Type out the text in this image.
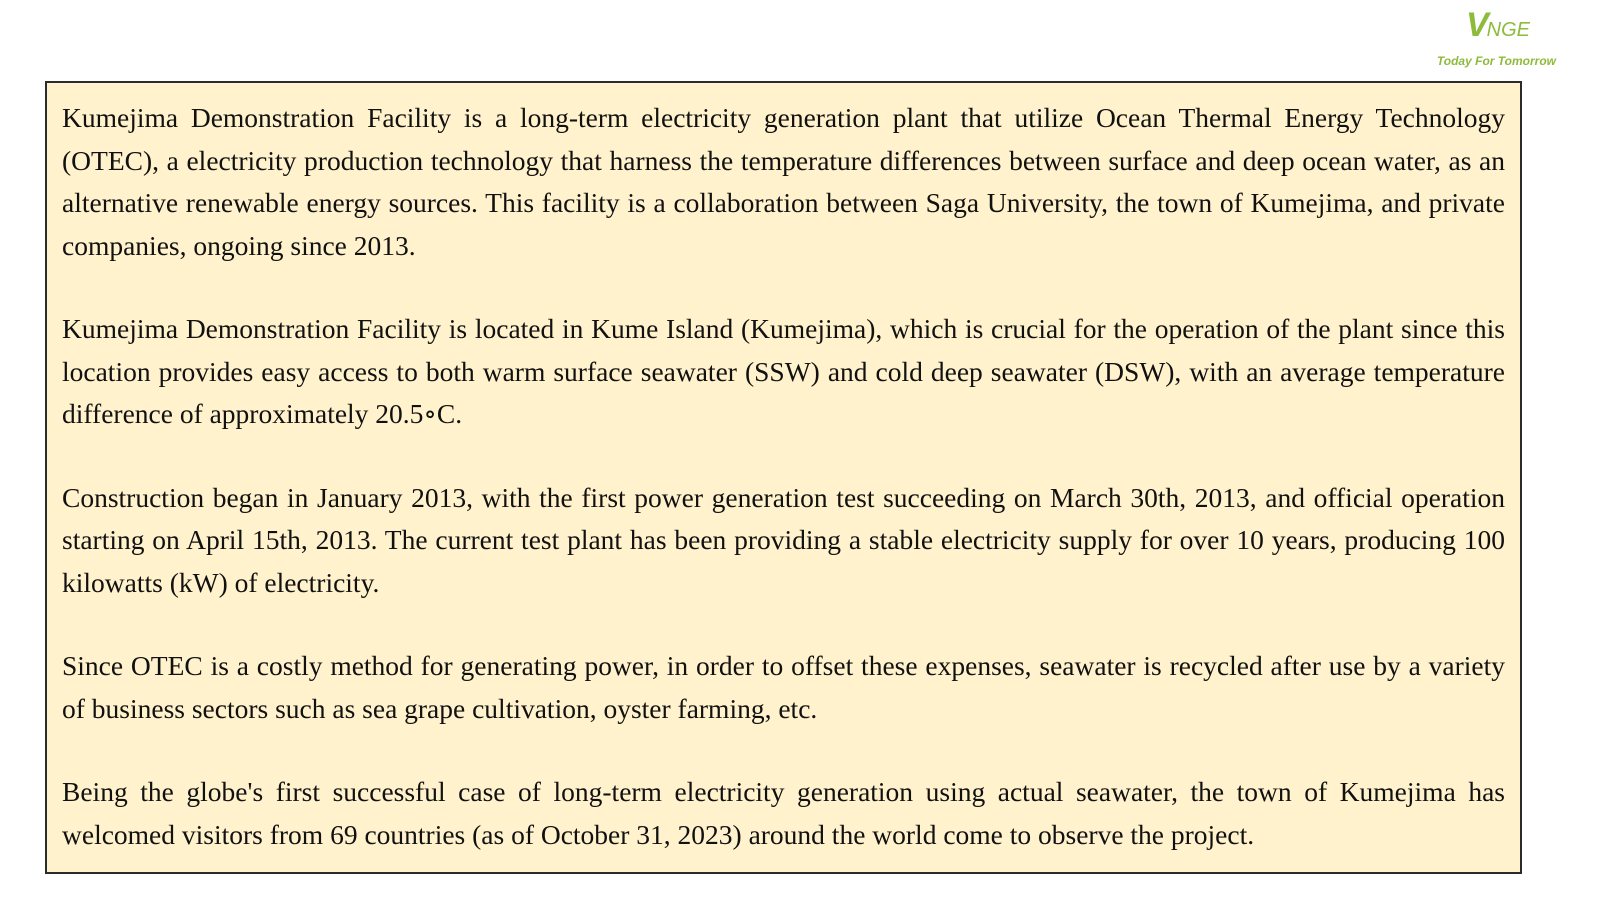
VNGE
Today For Tomorrow

Kumejima Demonstration Facility is a long-term electricity generation plant that utilize Ocean Thermal Energy Technology (OTEC), a electricity production technology that harness the temperature differences between surface and deep ocean water, as an alternative renewable energy sources. This facility is a collaboration between Saga University, the town of Kumejima, and private companies, ongoing since 2013.

Kumejima Demonstration Facility is located in Kume Island (Kumejima), which is crucial for the operation of the plant since this location provides easy access to both warm surface seawater (SSW) and cold deep seawater (DSW), with an average temperature difference of approximately 20.5∘C.

Construction began in January 2013, with the first power generation test succeeding on March 30th, 2013, and official operation starting on April 15th, 2013. The current test plant has been providing a stable electricity supply for over 10 years, producing 100 kilowatts (kW) of electricity.

Since OTEC is a costly method for generating power, in order to offset these expenses, seawater is recycled after use by a variety of business sectors such as sea grape cultivation, oyster farming, etc.

Being the globe's first successful case of long-term electricity generation using actual seawater, the town of Kumejima has welcomed visitors from 69 countries (as of October 31, 2023) around the world come to observe the project.
